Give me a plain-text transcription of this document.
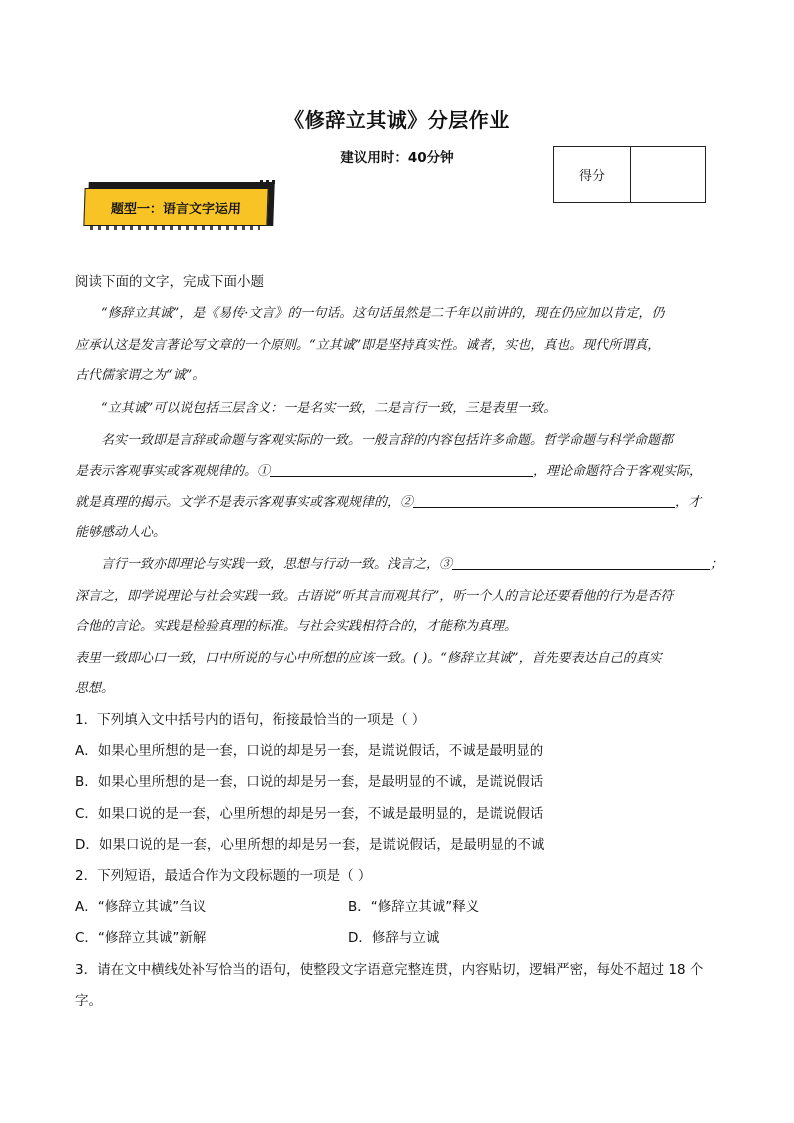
《修辞立其诚》分层作业
建议用时：40分钟
得分
题型一：语言文字运用
阅读下面的文字，完成下面小题
“修辞立其诚”，是《易传·文言》的一句话。这句话虽然是二千年以前讲的，现在仍应加以肯定，仍
应承认这是发言著论写文章的一个原则。“立其诚”即是坚持真实性。诚者，实也，真也。现代所谓真，
古代儒家谓之为“诚”。
“立其诚”可以说包括三层含义：一是名实一致，二是言行一致，三是表里一致。
名实一致即是言辞或命题与客观实际的一致。一般言辞的内容包括许多命题。哲学命题与科学命题都
是表示客观事实或客观规律的。①	，理论命题符合于客观实际，
就是真理的揭示。文学不是表示客观事实或客观规律的，②	，才
能够感动人心。
言行一致亦即理论与实践一致，思想与行动一致。浅言之，③	；
深言之，即学说理论与社会实践一致。古语说“听其言而观其行”，听一个人的言论还要看他的行为是否符
合他的言论。实践是检验真理的标准。与社会实践相符合的，才能称为真理。
表里一致即心口一致，口中所说的与心中所想的应该一致。( )。“修辞立其诚”，首先要表达自己的真实
思想。
1．下列填入文中括号内的语句，衔接最恰当的一项是（ ）
A．如果心里所想的是一套，口说的却是另一套，是谎说假话，不诚是最明显的
B．如果心里所想的是一套，口说的却是另一套，是最明显的不诚，是谎说假话
C．如果口说的是一套，心里所想的却是另一套，不诚是最明显的，是谎说假话
D．如果口说的是一套，心里所想的却是另一套，是谎说假话，是最明显的不诚
2．下列短语，最适合作为文段标题的一项是（ ）
A．“修辞立其诚”刍议	B．“修辞立其诚”释义
C．“修辞立其诚”新解	D．修辞与立诚
3．请在文中横线处补写恰当的语句，使整段文字语意完整连贯，内容贴切，逻辑严密，每处不超过 18 个
字。
